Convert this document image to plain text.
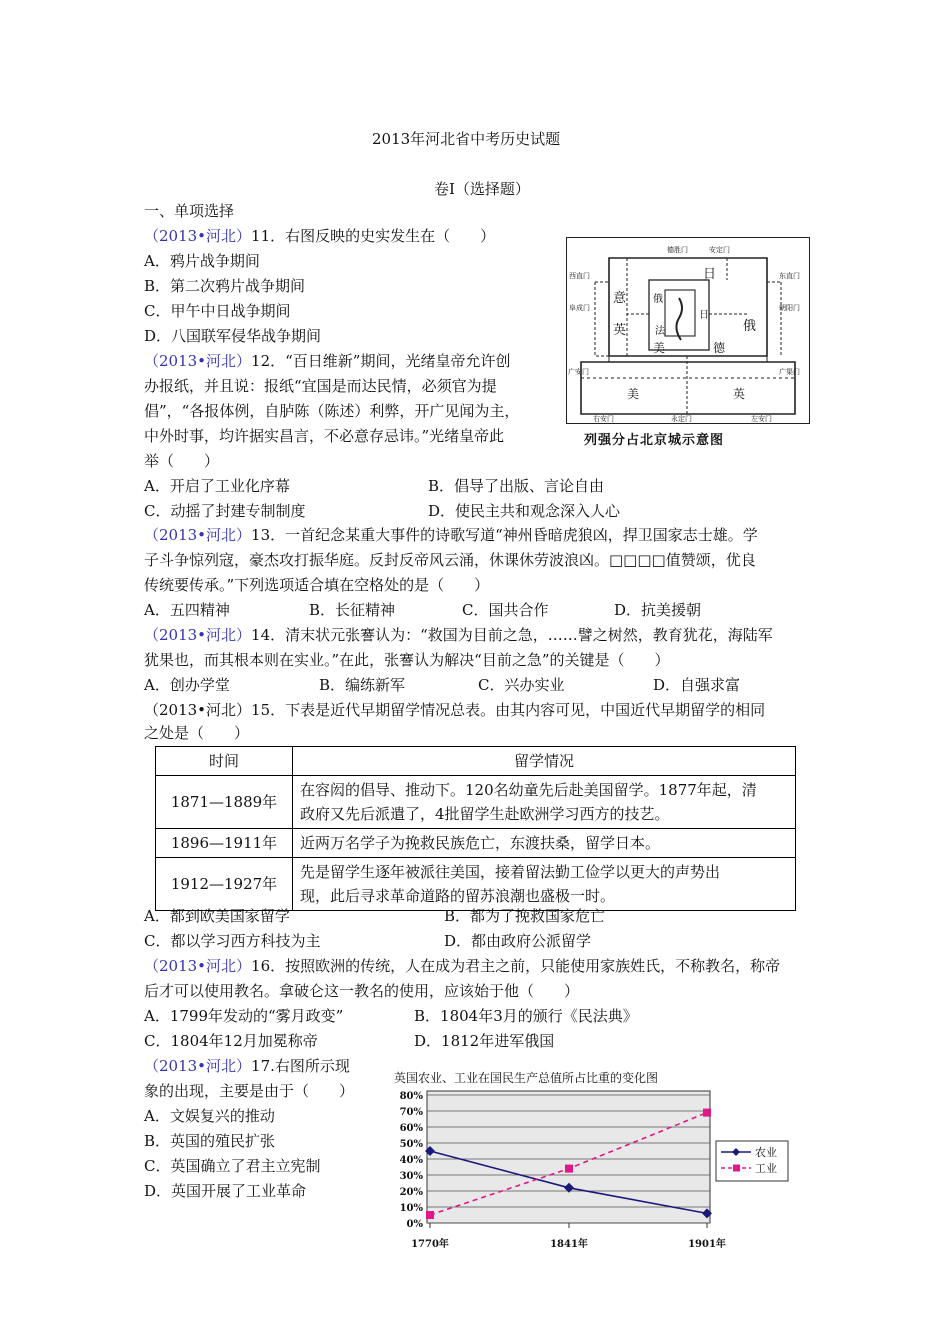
2013年河北省中考历史试题
卷Ⅰ（选择题）
一、单项选择
（2013•河北）11．右图反映的史实发生在（　　）
A．鸦片战争期间
B．第二次鸦片战争期间
C．甲午中日战争期间
D．八国联军侵华战争期间
日
意
俄
英
俄
法
日
美	德
美	英
德胜门	安定门
西直门	东直门
阜成门	朝阳门
广安门	广渠门
右安门	永定门	左安门
列强分占北京城示意图
（2013•河北）12．“百日维新”期间，光绪皇帝允许创
办报纸，并且说：报纸“宜国是而达民情，必须官为提
倡”，“各报体例，自胪陈（陈述）利弊，开广见闻为主，
中外时事，均许据实昌言，不必意存忌讳。”光绪皇帝此
举（　　）
A．开启了工业化序幕	B．倡导了出版、言论自由
C．动摇了封建专制制度	D．使民主共和观念深入人心
（2013•河北）13．一首纪念某重大事件的诗歌写道“神州昏暗虎狼凶，捍卫国家志士雄。学
子斗争惊列寇，豪杰攻打振华庭。反封反帝风云涌，休课休劳波浪凶。□□□□值赞颂，优良
传统要传承。”下列选项适合填在空格处的是（　　）
A．五四精神	B．长征精神	C．国共合作	D．抗美援朝
（2013•河北）14．清末状元张謇认为：“救国为目前之急，……譬之树然，教育犹花，海陆军
犹果也，而其根本则在实业。”在此，张謇认为解决“目前之急”的关键是（　　）
A．创办学堂	B．编练新军	C．兴办实业	D．自强求富
（2013•河北）15．下表是近代早期留学情况总表。由其内容可见，中国近代早期留学的相同
之处是（　　）
时间	留学情况
1871—1889年	在容闳的倡导、推动下。120名幼童先后赴美国留学。1877年起，清
政府又先后派遣了，4批留学生赴欧洲学习西方的技艺。

1896—1911年	近两万名学子为挽救民族危亡，东渡扶桑，留学日本。

1912—1927年	先是留学生逐年被派往美国，接着留法勤工俭学以更大的声势出
现，此后寻求革命道路的留苏浪潮也盛极一时。
A．都到欧美国家留学	B．都为了挽救国家危亡
C．都以学习西方科技为主	D．都由政府公派留学
（2013•河北）16．按照欧洲的传统，人在成为君主之前，只能使用家族姓氏，不称教名，称帝
后才可以使用教名。拿破仑这一教名的使用，应该始于他（　　）
A．1799年发动的“雾月政变”	B．1804年3月的颁行《民法典》
C．1804年12月加冕称帝	D．1812年进军俄国
（2013•河北）17.右图所示现
象的出现，主要是由于（　　）
A．文娱复兴的推动
B．英国的殖民扩张
C．英国确立了君主立宪制
D．英国开展了工业革命
英国农业、工业在国民生产总值所占比重的变化图
0%
10%
20%
30%
40%
50%
60%
70%
80%
1770年	1841年	1901年
农业
工业
